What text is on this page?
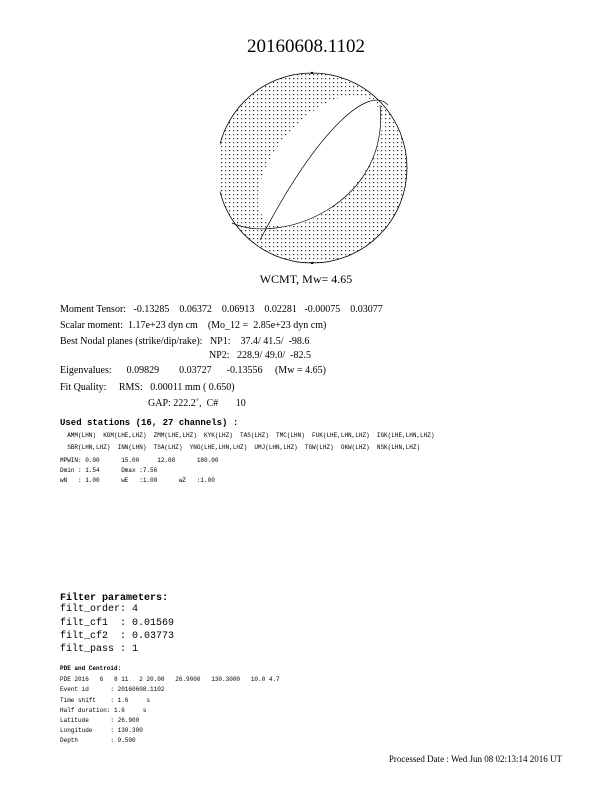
20160608.1102
WCMT, Mw= 4.65
Moment Tensor:   -0.13285    0.06372    0.06913    0.02281   -0.00075    0.03077
Scalar moment:  1.17e+23 dyn cm    (Mo_12 =  2.85e+23 dyn cm)
Best Nodal planes (strike/dip/rake):   NP1:    37.4/ 41.5/  -98.6
NP2:   228.9/ 49.0/  -82.5
Eigenvalues:      0.09829        0.03727      -0.13556     (Mw = 4.65)
Fit Quality:     RMS:   0.00011 mm ( 0.650)
GAP: 222.2˚,  C#       10
Used stations (16, 27 channels) :
AMM(LHN)  KGM(LHE,LHZ)  ZMM(LHE,LHZ)  KYK(LHZ)  TAS(LHZ)  TMC(LHN)  FUK(LHE,LHN,LHZ)  IGK(LHE,LHN,LHZ)
SBR(LHN,LHZ)  INN(LHN)  TSA(LHZ)  YNG(LHE,LHN,LHZ)  UMJ(LHN,LHZ)  TGW(LHZ)  OKW(LHZ)  NSK(LHN,LHZ)
MPWIN: 0.00      15.00     12.00      180.00
Dmin : 1.54      Dmax :7.56
wN   : 1.00      wE   :1.00      wZ   :1.00
Filter parameters:
filt_order: 4
filt_cf1  : 0.01569
filt_cf2  : 0.03773
filt_pass : 1
PDE and Centroid:
PDE 2016   6   8 11   2 20.00   26.9000   130.3000   10.0 4.7
Event id      : 20160608.1102
Time shift    : 1.6     s
Half duration: 1.6     s
Latitude      : 26.900
Longitude     : 130.300
Depth         : 9.500
Processed Date : Wed Jun 08 02:13:14 2016 UT
